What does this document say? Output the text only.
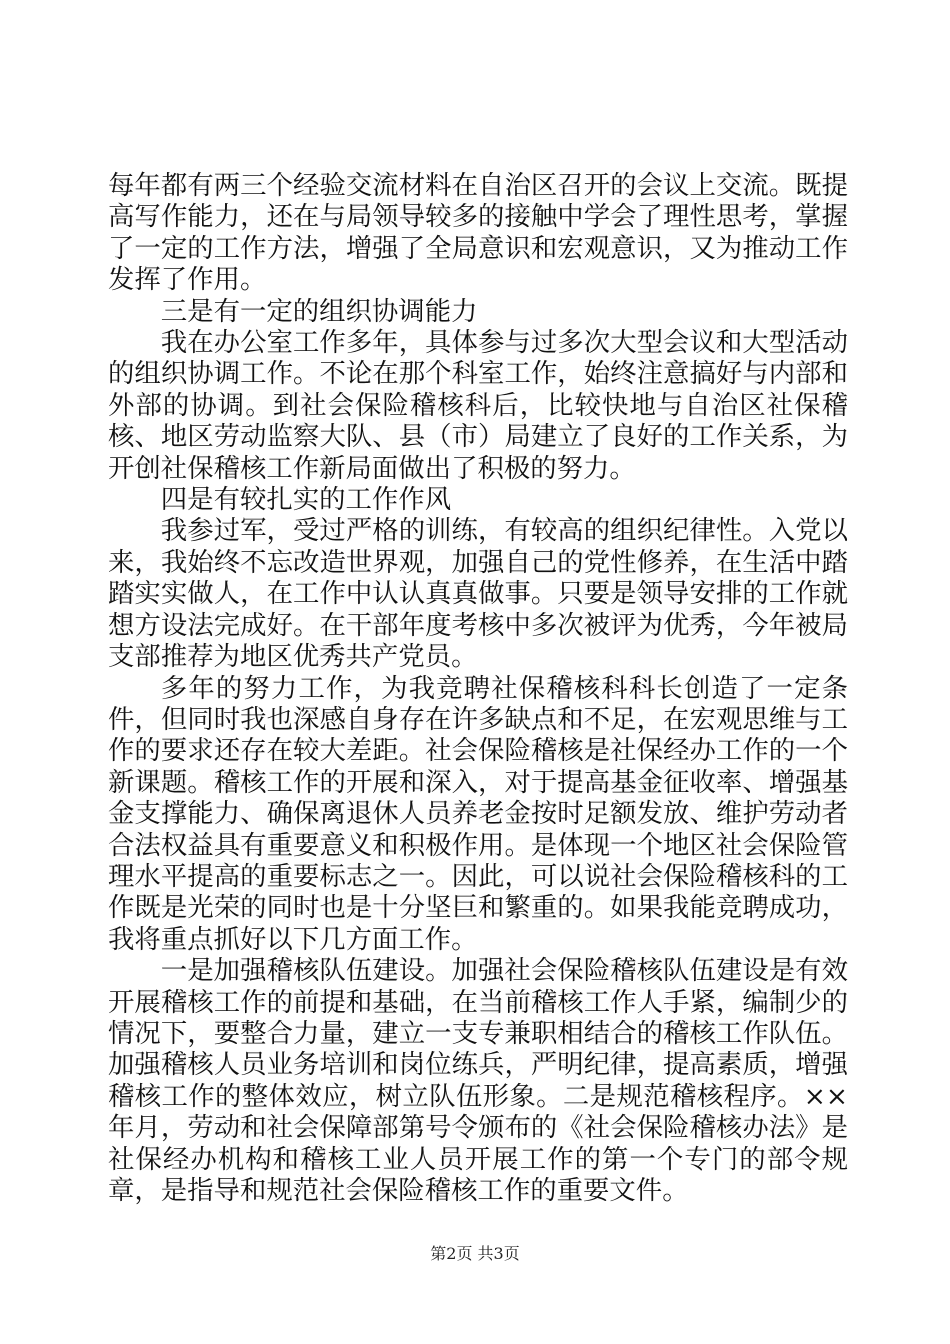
每年都有两三个经验交流材料在自治区召开的会议上交流。既提高写作能力，还在与局领导较多的接触中学会了理性思考，掌握了一定的工作方法，增强了全局意识和宏观意识，又为推动工作发挥了作用。

三是有一定的组织协调能力

我在办公室工作多年，具体参与过多次大型会议和大型活动的组织协调工作。不论在那个科室工作，始终注意搞好与内部和外部的协调。到社会保险稽核科后，比较快地与自治区社保稽核、地区劳动监察大队、县（市）局建立了良好的工作关系，为开创社保稽核工作新局面做出了积极的努力。

四是有较扎实的工作作风

我参过军，受过严格的训练，有较高的组织纪律性。入党以来，我始终不忘改造世界观，加强自己的党性修养，在生活中踏踏实实做人，在工作中认认真真做事。只要是领导安排的工作就想方设法完成好。在干部年度考核中多次被评为优秀，今年被局支部推荐为地区优秀共产党员。

多年的努力工作，为我竞聘社保稽核科科长创造了一定条件，但同时我也深感自身存在许多缺点和不足，在宏观思维与工作的要求还存在较大差距。社会保险稽核是社保经办工作的一个新课题。稽核工作的开展和深入，对于提高基金征收率、增强基金支撑能力、确保离退休人员养老金按时足额发放、维护劳动者合法权益具有重要意义和积极作用。是体现一个地区社会保险管理水平提高的重要标志之一。因此，可以说社会保险稽核科的工作既是光荣的同时也是十分坚巨和繁重的。如果我能竞聘成功，我将重点抓好以下几方面工作。

一是加强稽核队伍建设。加强社会保险稽核队伍建设是有效开展稽核工作的前提和基础，在当前稽核工作人手紧，编制少的情况下，要整合力量，建立一支专兼职相结合的稽核工作队伍。加强稽核人员业务培训和岗位练兵，严明纪律，提高素质，增强稽核工作的整体效应，树立队伍形象。二是规范稽核程序。××年月，劳动和社会保障部第号令颁布的《社会保险稽核办法》是社保经办机构和稽核工业人员开展工作的第一个专门的部令规章，是指导和规范社会保险稽核工作的重要文件。

第2页 共3页
